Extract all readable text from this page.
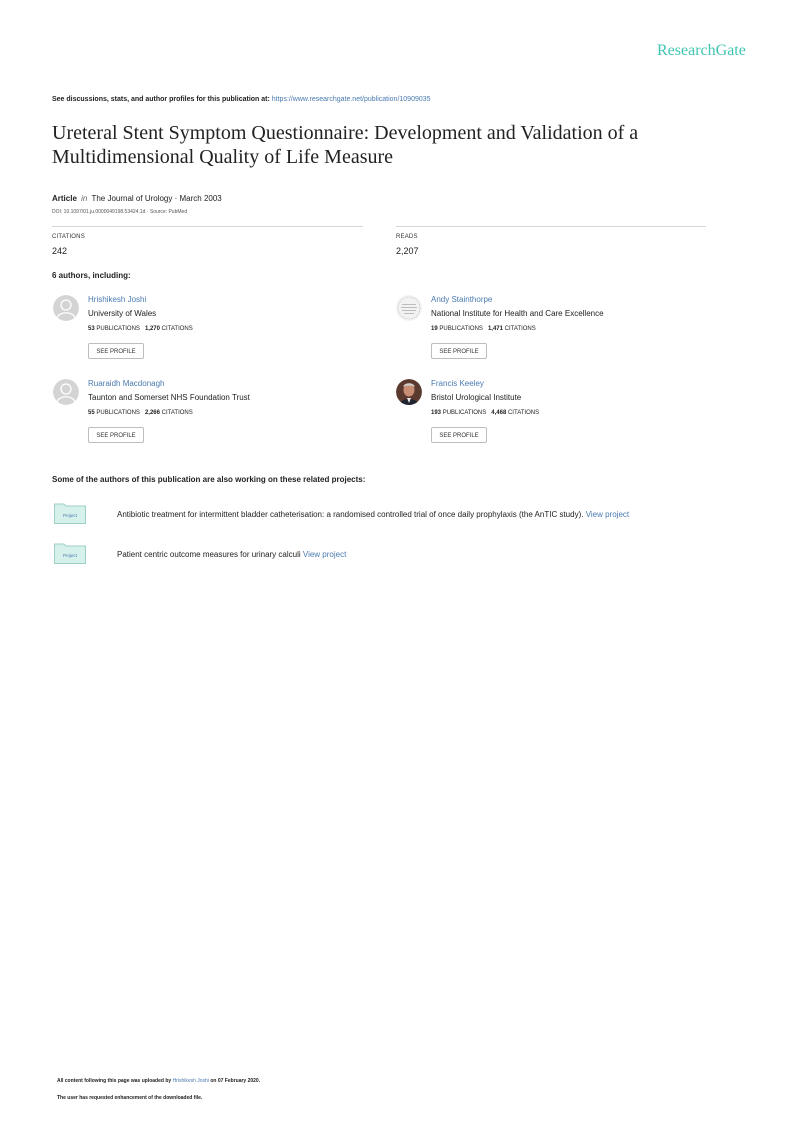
ResearchGate
See discussions, stats, and author profiles for this publication at: https://www.researchgate.net/publication/10909035
Ureteral Stent Symptom Questionnaire: Development and Validation of a Multidimensional Quality of Life Measure
Article in The Journal of Urology · March 2003
DOI: 10.1097/01.ju.0000049198.53424.1d · Source: PubMed
CITATIONS
242
READS
2,207
6 authors, including:
Hrishikesh Joshi
University of Wales
53 PUBLICATIONS 1,270 CITATIONS
SEE PROFILE
Andy Stainthorpe
National Institute for Health and Care Excellence
19 PUBLICATIONS 1,471 CITATIONS
SEE PROFILE
Ruaraidh Macdonagh
Taunton and Somerset NHS Foundation Trust
55 PUBLICATIONS 2,266 CITATIONS
SEE PROFILE
Francis Keeley
Bristol Urological Institute
193 PUBLICATIONS 4,468 CITATIONS
SEE PROFILE
Some of the authors of this publication are also working on these related projects:
Project	Antibiotic treatment for intermittent bladder catheterisation: a randomised controlled trial of once daily prophylaxis (the AnTIC study). View project
Project	Patient centric outcome measures for urinary calculi View project
All content following this page was uploaded by Hrishikesh Joshi on 07 February 2020.
The user has requested enhancement of the downloaded file.
